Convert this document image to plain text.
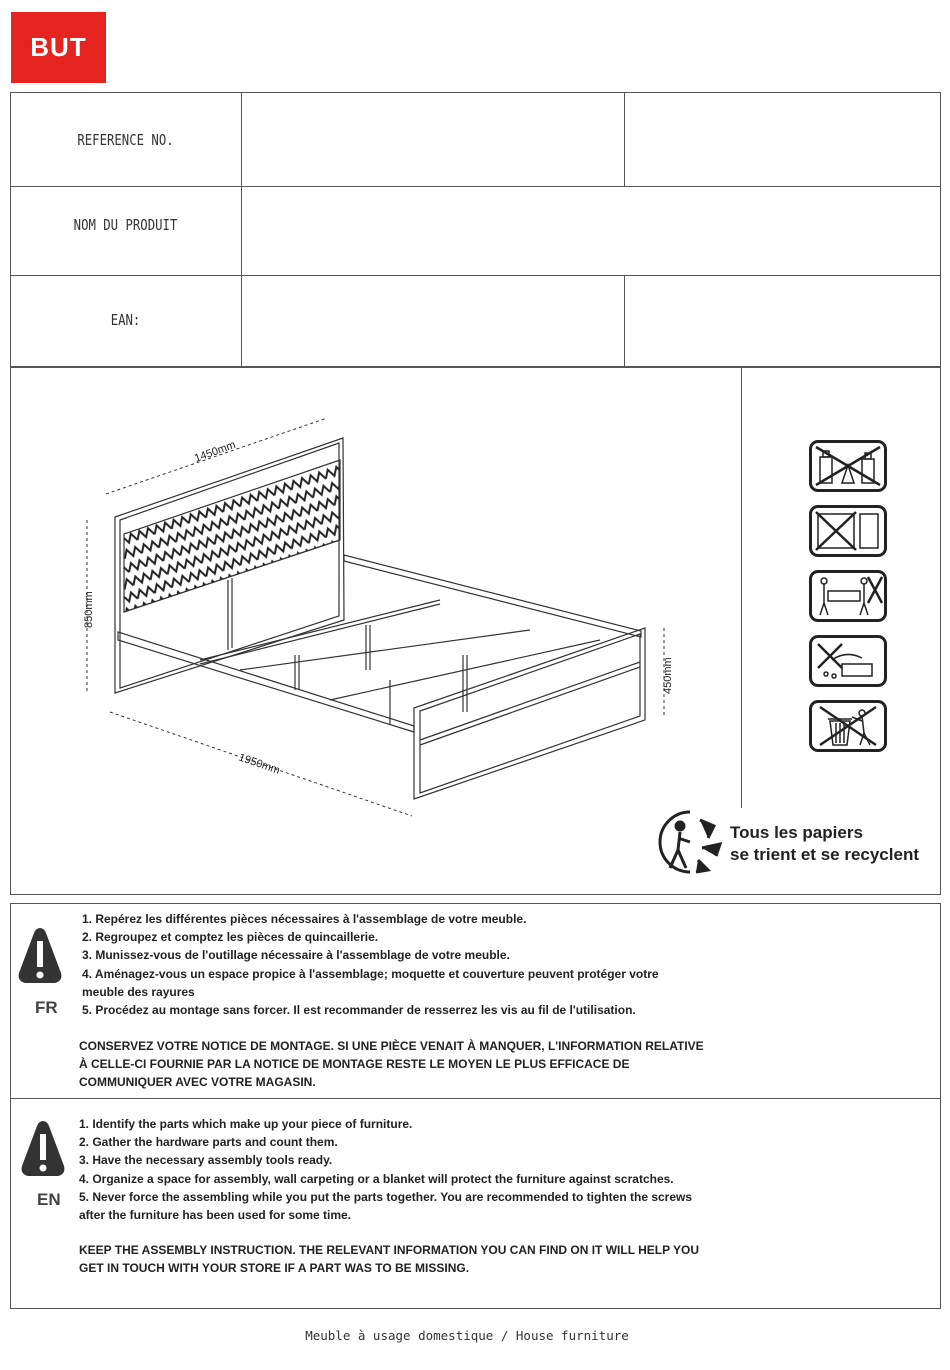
BUT
REFERENCE NO.
NOM DU PRODUIT
EAN:
1450mm
850mm
1950mm
450mm
Tous les papiers
se trient et se recyclent
FR
1. Repérez les différentes pièces nécessaires à l'assemblage de votre meuble.
2. Regroupez et comptez les pièces de quincaillerie.
3. Munissez-vous de l'outillage nécessaire à l'assemblage de votre meuble.
4. Aménagez-vous un espace propice à l'assemblage; moquette et couverture peuvent protéger votre
meuble des rayures
5. Procédez au montage sans forcer. Il est recommander de resserrez les vis au fil de l'utilisation.
CONSERVEZ VOTRE NOTICE DE MONTAGE. SI UNE PIÈCE VENAIT À MANQUER, L'INFORMATION RELATIVE À CELLE-CI FOURNIE PAR LA NOTICE DE MONTAGE RESTE LE MOYEN LE PLUS EFFICACE DE COMMUNIQUER AVEC VOTRE MAGASIN.
EN
1. Identify the parts which make up your piece of furniture.
2. Gather the hardware parts and count them.
3. Have the necessary assembly tools ready.
4. Organize a space for assembly, wall carpeting or a blanket will protect the furniture against scratches.
5. Never force the assembling while you put the parts together. You are recommended to tighten the screws
after the furniture has been used for some time.
KEEP THE ASSEMBLY INSTRUCTION. THE RELEVANT INFORMATION YOU CAN FIND ON IT WILL HELP YOU GET IN TOUCH WITH YOUR STORE IF A PART WAS TO BE MISSING.
Meuble à usage domestique / House furniture
